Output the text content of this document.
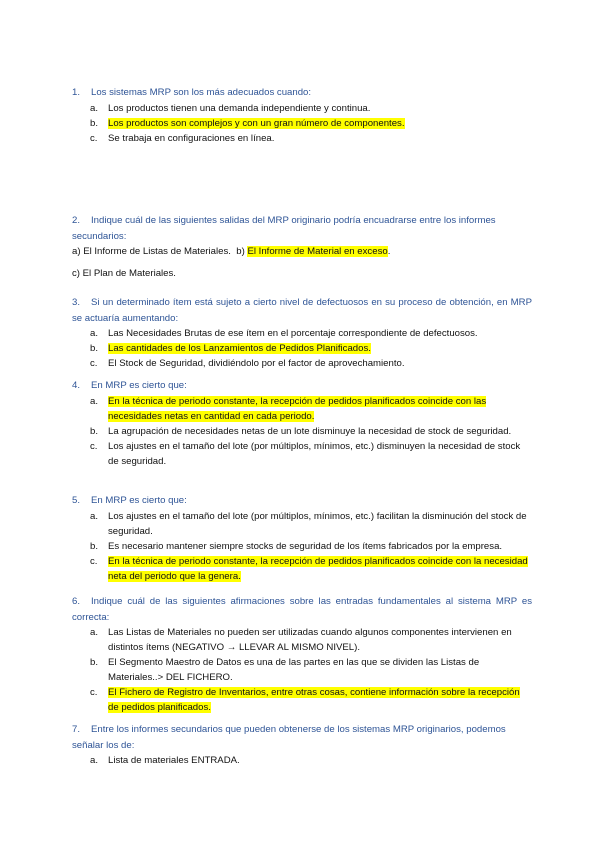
1. Los sistemas MRP son los más adecuados cuando:
a. Los productos tienen una demanda independiente y continua.
b. Los productos son complejos y con un gran número de componentes.
c. Se trabaja en configuraciones en línea.
2. Indique cuál de las siguientes salidas del MRP originario podría encuadrarse entre los informes secundarios:
a) El Informe de Listas de Materiales. b) El Informe de Material en exceso.
c) El Plan de Materiales.
3. Si un determinado ítem está sujeto a cierto nivel de defectuosos en su proceso de obtención, en MRP se actuaría aumentando:
a. Las Necesidades Brutas de ese ítem en el porcentaje correspondiente de defectuosos.
b. Las cantidades de los Lanzamientos de Pedidos Planificados.
c. El Stock de Seguridad, dividiéndolo por el factor de aprovechamiento.
4. En MRP es cierto que:
a. En la técnica de periodo constante, la recepción de pedidos planificados coincide con las necesidades netas en cantidad en cada periodo.
b. La agrupación de necesidades netas de un lote disminuye la necesidad de stock de seguridad.
c. Los ajustes en el tamaño del lote (por múltiplos, mínimos, etc.) disminuyen la necesidad de stock de seguridad.
5. En MRP es cierto que:
a. Los ajustes en el tamaño del lote (por múltiplos, mínimos, etc.) facilitan la disminución del stock de seguridad.
b. Es necesario mantener siempre stocks de seguridad de los ítems fabricados por la empresa.
c. En la técnica de periodo constante, la recepción de pedidos planificados coincide con la necesidad neta del periodo que la genera.
6. Indique cuál de las siguientes afirmaciones sobre las entradas fundamentales al sistema MRP es correcta:
a. Las Listas de Materiales no pueden ser utilizadas cuando algunos componentes intervienen en distintos ítems (NEGATIVO → LLEVAR AL MISMO NIVEL).
b. El Segmento Maestro de Datos es una de las partes en las que se dividen las Listas de Materiales..> DEL FICHERO.
c. El Fichero de Registro de Inventarios, entre otras cosas, contiene información sobre la recepción de pedidos planificados.
7. Entre los informes secundarios que pueden obtenerse de los sistemas MRP originarios, podemos señalar los de:
a. Lista de materiales ENTRADA.
